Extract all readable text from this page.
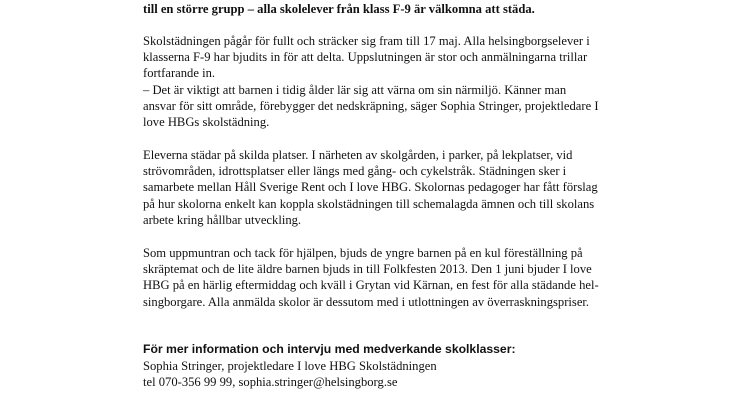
till en större grupp – alla skolelever från klass F-9 är välkomna att städa.
Skolstädningen pågår för fullt och sträcker sig fram till 17 maj. Alla helsingborgselever i
klasserna F-9 har bjudits in för att delta. Uppslutningen är stor och anmälningarna trillar
fortfarande in.
– Det är viktigt att barnen i tidig ålder lär sig att värna om sin närmiljö. Känner man
ansvar för sitt område, förebygger det nedskräpning, säger Sophia Stringer, projektledare I
love HBGs skolstädning.
Eleverna städar på skilda platser. I närheten av skolgården, i parker, på lekplatser, vid
strövområden, idrottsplatser eller längs med gång- och cykelstråk. Städningen sker i
samarbete mellan Håll Sverige Rent och I love HBG. Skolornas pedagoger har fått förslag
på hur skolorna enkelt kan koppla skolstädningen till schemalagda ämnen och till skolans
arbete kring hållbar utveckling.
Som uppmuntran och tack för hjälpen, bjuds de yngre barnen på en kul föreställning på
skräptemat och de lite äldre barnen bjuds in till Folkfesten 2013. Den 1 juni bjuder I love
HBG på en härlig eftermiddag och kväll i Grytan vid Kärnan, en fest för alla städande hel-
singborgare. Alla anmälda skolor är dessutom med i utlottningen av överraskningspriser.
För mer information och intervju med medverkande skolklasser:
Sophia Stringer, projektledare I love HBG Skolstädningen
tel 070-356 99 99, sophia.stringer@helsingborg.se
